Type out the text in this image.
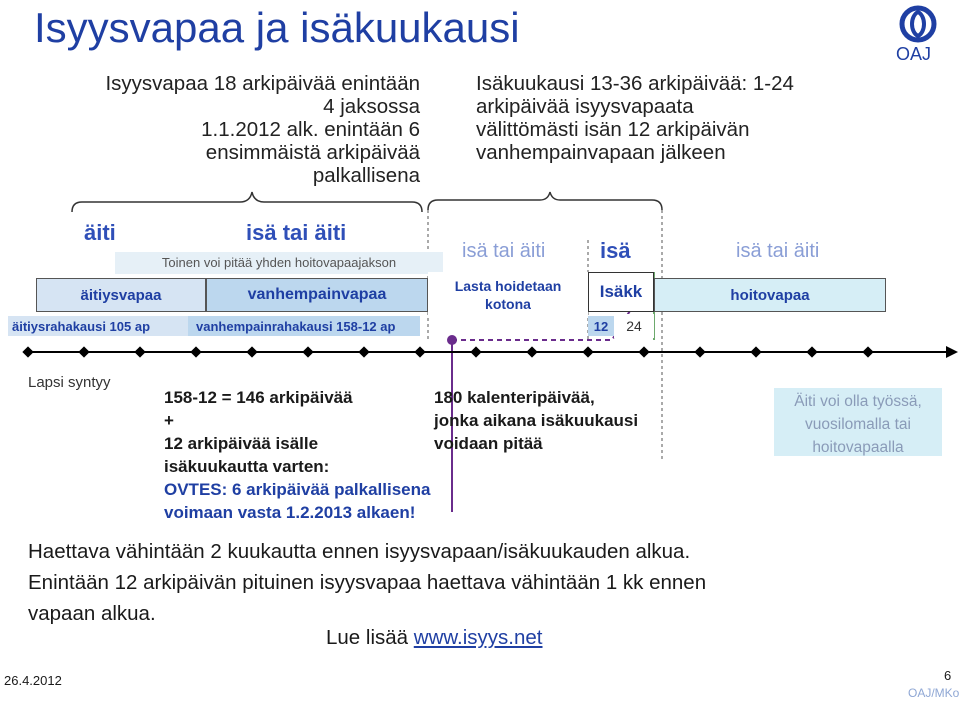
Isyysvapaa ja isäkuukausi
OAJ
Isyysvapaa 18 arkipäivää enintään
4 jaksossa
1.1.2012 alk. enintään 6
ensimmäistä arkipäivää
palkallisena
Isäkuukausi 13-36 arkipäivää: 1-24
arkipäivää isyysvapaata
välittömästi isän 12 arkipäivän
vanhempainvapaan jälkeen
äiti	isä tai äiti
isä tai äiti isä	isä tai äiti
Toinen voi pitää yhden hoitovapaajakson
äitiysvapaa	vanhempainvapaa	Lasta hoidetaan
kotona
Isäkk	hoitovapaa
äitiysrahakausi 105 ap	vanhempainrahakausi 158-12 ap	12	24
Lapsi syntyy
158-12 = 146 arkipäivää
+
12 arkipäivää isälle
isäkuukautta varten:
OVTES: 6 arkipäivää palkallisena
voimaan vasta 1.2.2013 alkaen!
180 kalenteripäivää,
jonka aikana isäkuukausi
voidaan pitää
Äiti voi olla työssä,
vuosilomalla tai
hoitovapaalla
Haettava vähintään 2 kuukautta ennen isyysvapaan/isäkuukauden alkua.
Enintään 12 arkipäivän pituinen isyysvapaa haettava vähintään 1 kk ennen
vapaan alkua.
Lue lisää www.isyys.net
26.4.2012	6
OAJ/MKo
